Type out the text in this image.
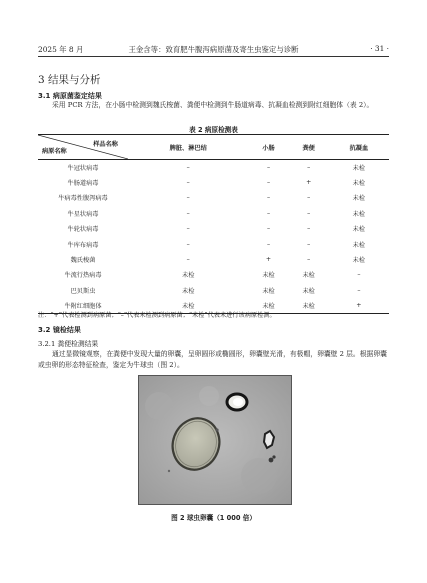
2025 年 8 月	王金含等：致育肥牛腹泻病原菌及寄生虫鉴定与诊断	· 31 ·
3 结果与分析
3.1 病原菌鉴定结果
采用 PCR 方法，在小肠中检测到魏氏梭菌、粪便中检测到牛肠道病毒、抗凝血检测到附红细胞体（表 2）。
表 2 病原检测表
样品名称
病原名称	脾脏、淋巴结	小肠	粪便	抗凝血
牛冠状病毒	–	–	–	未检
牛肠道病毒	–	–	+	未检
牛病毒性腹泻病毒	–	–	–	未检
牛星状病毒	–	–	–	未检
牛轮状病毒	–	–	–	未检
牛库布病毒	–	–	–	未检
魏氏梭菌	–	+	–	未检
牛流行热病毒	未检	未检	未检	–
巴贝斯虫	未检	未检	未检	–
牛附红细胞体	未检	未检	未检	+
注：“+”代表检测到病原菌；“–”代表未检测到病原菌；“未检”代表未进行该病原检测。
3.2 镜检结果
3.2.1 粪便检测结果
通过显微镜观察，在粪便中发现大量的卵囊，呈卵圆形或椭圆形，卵囊壁光滑，有极帽，卵囊壁 2 层。根据卵囊或虫卵的形态特征检查，鉴定为牛球虫（图 2）。
图 2 球虫卵囊（1 000 倍）
